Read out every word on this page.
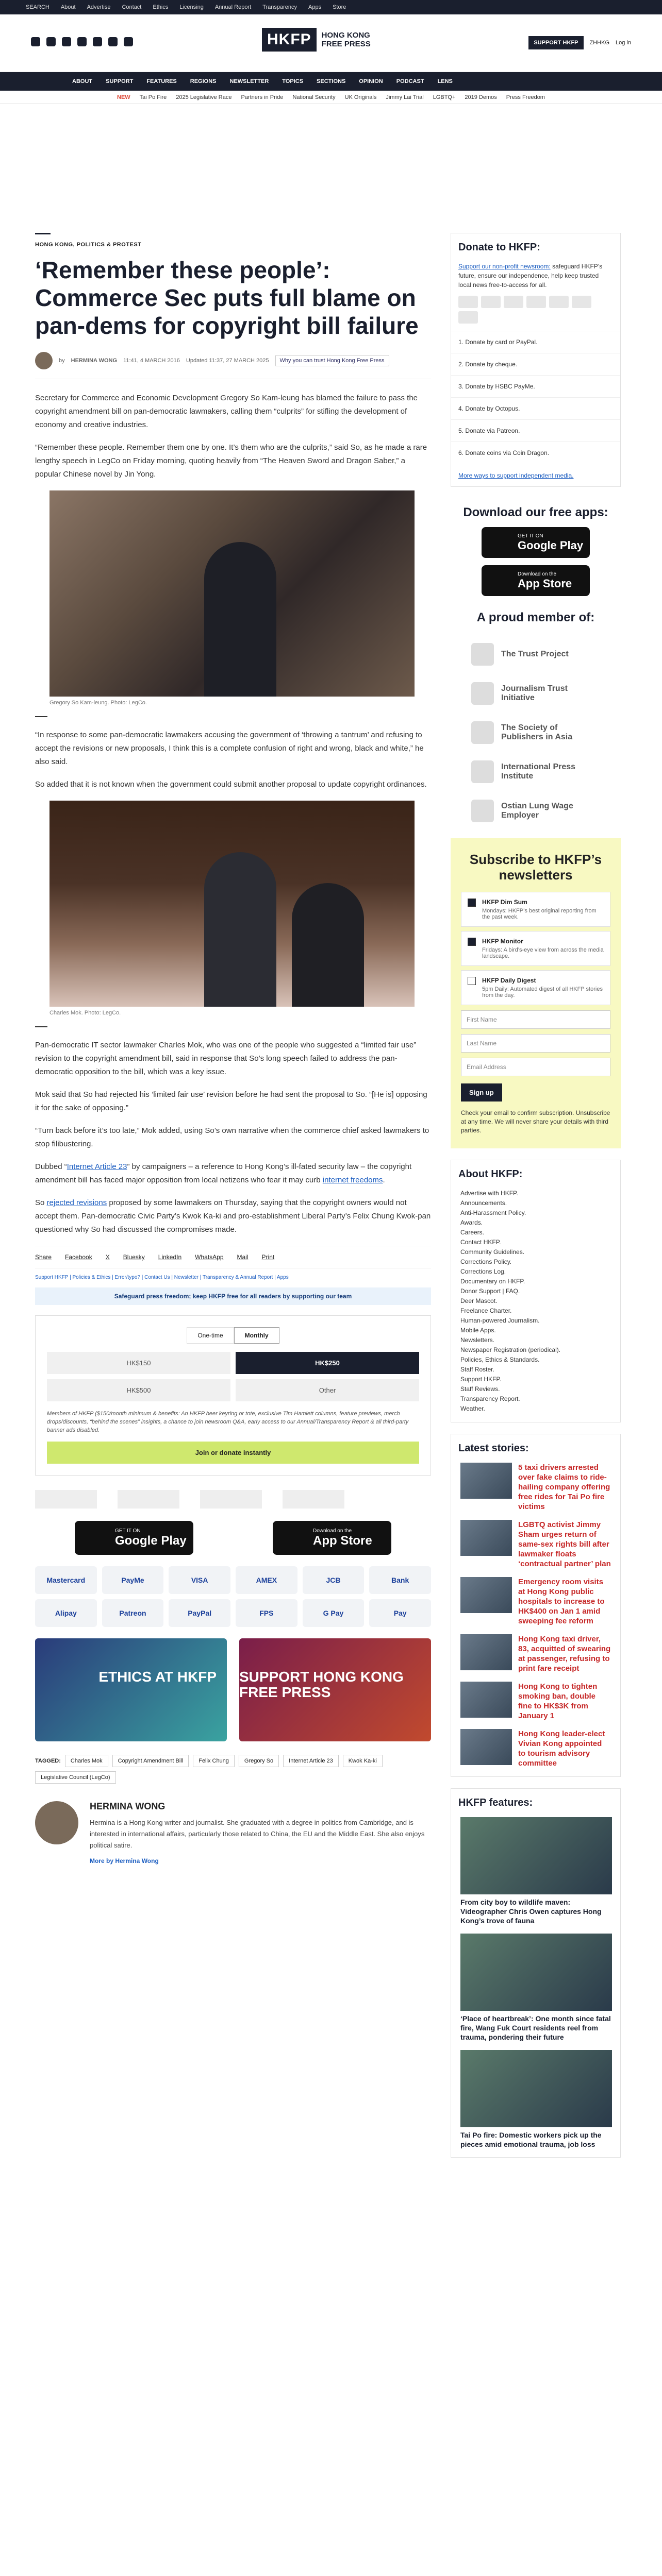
SEARCH About Advertise Contact Ethics Licensing Annual Report Transparency Apps Store
HKFP	HONG KONG
FREE PRESS	SUPPORT HKFP	ZHHKG Log in
ABOUT SUPPORT FEATURES REGIONS NEWSLETTER TOPICS SECTIONS OPINION PODCAST LENS
NEW Tai Po Fire 2025 Legislative Race Partners in Pride National Security UK Originals Jimmy Lai Trial LGBTQ+ 2019 Demos Press Freedom
HONG KONG, POLITICS & PROTEST
‘Remember these people’: Commerce Sec puts full blame on pan-dems for copyright bill failure
by HERMINA WONG 11:41, 4 MARCH 2016 Updated 11:37, 27 MARCH 2025	Why you can trust Hong Kong Free Press

Secretary for Commerce and Economic Development Gregory So Kam-leung has blamed the failure to pass the copyright amendment bill on pan-democratic lawmakers, calling them “culprits” for stifling the development of economy and creative industries.

“Remember these people. Remember them one by one. It’s them who are the culprits,” said So, as he made a rare lengthy speech in LegCo on Friday morning, quoting heavily from “The Heaven Sword and Dragon Saber,” a popular Chinese novel by Jin Yong.

Gregory So Kam-leung. Photo: LegCo.

“In response to some pan-democratic lawmakers accusing the government of ‘throwing a tantrum’ and refusing to accept the revisions or new proposals, I think this is a complete confusion of right and wrong, black and white,” he also said.

So added that it is not known when the government could submit another proposal to update copyright ordinances.

Charles Mok. Photo: LegCo.

Pan-democratic IT sector lawmaker Charles Mok, who was one of the people who suggested a “limited fair use” revision to the copyright amendment bill, said in response that So’s long speech failed to address the pan-democratic opposition to the bill, which was a key issue.

Mok said that So had rejected his ‘limited fair use’ revision before he had sent the proposal to So. “[He is] opposing it for the sake of opposing.”

“Turn back before it’s too late,” Mok added, using So’s own narrative when the commerce chief asked lawmakers to stop filibustering.

Dubbed “Internet Article 23” by campaigners – a reference to Hong Kong’s ill-fated security law – the copyright amendment bill has faced major opposition from local netizens who fear it may curb internet freedoms.

So rejected revisions proposed by some lawmakers on Thursday, saying that the copyright owners would not accept them. Pan-democratic Civic Party’s Kwok Ka-ki and pro-establishment Liberal Party’s Felix Chung Kwok-pan questioned why So had discussed the compromises made.

Share Facebook X Bluesky LinkedIn WhatsApp Mail Print
Support HKFP | Policies & Ethics | Error/typo? | Contact Us | Newsletter | Transparency & Annual Report | Apps
Safeguard press freedom; keep HKFP free for all readers by supporting our team
One-time	Monthly
HK$150	HK$250
HK$500	Other
Members of HKFP ($150/month minimum & benefits: An HKFP beer keyring or tote, exclusive Tim Hamlett columns, feature previews, merch drops/discounts, “behind the scenes” insights, a chance to join newsroom Q&A, early access to our Annual/Transparency Report & all third-party banner ads disabled.
Join or donate instantly
GET IT ON
Google Play
Download on the
App Store
Mastercard	PayMe	VISA	AMEX	JCB	Bank
Alipay	Patreon	PayPal	FPS	G Pay	Pay
ETHICS AT HKFP SUPPORT HONG KONG FREE PRESS
TAGGED:	Charles Mok	Copyright Amendment Bill	Felix Chung	Gregory So	Internet Article 23	Kwok Ka-ki
Legislative Council (LegCo)
HERMINA WONG

Hermina is a Hong Kong writer and journalist. She graduated with a degree in politics from Cambridge, and is interested in international affairs, particularly those related to China, the EU and the Middle East. She also enjoys political satire.

More by Hermina Wong
Donate to HKFP:
Support our non-profit newsroom: safeguard HKFP’s future, ensure our independence, help keep trusted local news free-to-access for all.
1. Donate by card or PayPal.
2. Donate by cheque.
3. Donate by HSBC PayMe.
4. Donate by Octopus.
5. Donate via Patreon.
6. Donate coins via Coin Dragon.
More ways to support independent media.
Download our free apps:
GET IT ON
Google Play
Download on the
App Store
A proud member of:
The Trust Project
Journalism Trust Initiative
The Society of Publishers in Asia
International Press Institute
Ostian Lung Wage Employer
Subscribe to HKFP’s newsletters
HKFP Dim Sum
Mondays: HKFP’s best original reporting from the past week.
HKFP Monitor
Fridays: A bird’s-eye view from across the media landscape.
HKFP Daily Digest
5pm Daily: Automated digest of all HKFP stories from the day.
First Name
Last Name
Email Address
Sign up
Check your email to confirm subscription. Unsubscribe at any time. We will never share your details with third parties.
About HKFP:
Advertise with HKFP.
Announcements.
Anti-Harassment Policy.
Awards.
Careers.
Contact HKFP.
Community Guidelines.
Corrections Policy.
Corrections Log.
Documentary on HKFP.
Donor Support | FAQ.
Deer Mascot.
Freelance Charter.
Human-powered Journalism.
Mobile Apps.
Newsletters.
Newspaper Registration (periodical).
Policies, Ethics & Standards.
Staff Roster.
Support HKFP.
Staff Reviews.
Transparency Report.
Weather.
Latest stories:
5 taxi drivers arrested over fake claims to ride-hailing company offering free rides for Tai Po fire victims
LGBTQ activist Jimmy Sham urges return of same-sex rights bill after lawmaker floats ‘contractual partner’ plan
Emergency room visits at Hong Kong public hospitals to increase to HK$400 on Jan 1 amid sweeping fee reform
Hong Kong taxi driver, 83, acquitted of swearing at passenger, refusing to print fare receipt
Hong Kong to tighten smoking ban, double fine to HK$3K from January 1
Hong Kong leader-elect Vivian Kong appointed to tourism advisory committee
HKFP features:
From city boy to wildlife maven: Videographer Chris Owen captures Hong Kong’s trove of fauna
‘Place of heartbreak’: One month since fatal fire, Wang Fuk Court residents reel from trauma, pondering their future
Tai Po fire: Domestic workers pick up the pieces amid emotional trauma, job loss
